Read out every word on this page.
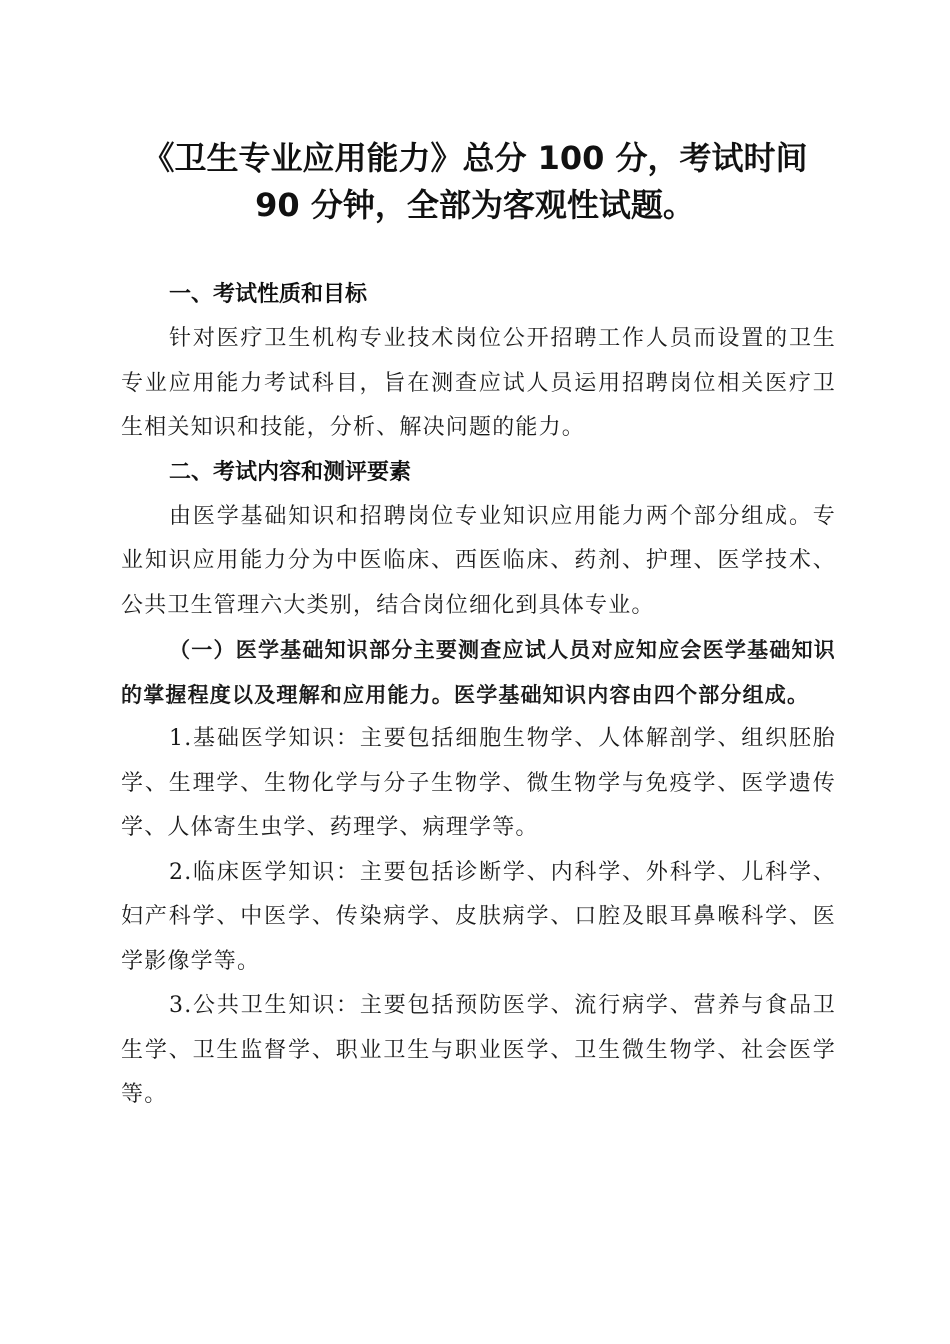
《卫生专业应用能力》总分 100 分，考试时间
90 分钟，全部为客观性试题。
一、考试性质和目标

针对医疗卫生机构专业技术岗位公开招聘工作人员而设置的卫生专业应用能力考试科目，旨在测查应试人员运用招聘岗位相关医疗卫生相关知识和技能，分析、解决问题的能力。

二、考试内容和测评要素

由医学基础知识和招聘岗位专业知识应用能力两个部分组成。专业知识应用能力分为中医临床、西医临床、药剂、护理、医学技术、公共卫生管理六大类别，结合岗位细化到具体专业。

（一）医学基础知识部分主要测查应试人员对应知应会医学基础知识的掌握程度以及理解和应用能力。医学基础知识内容由四个部分组成。

1.基础医学知识：主要包括细胞生物学、人体解剖学、组织胚胎学、生理学、生物化学与分子生物学、微生物学与免疫学、医学遗传学、人体寄生虫学、药理学、病理学等。

2.临床医学知识：主要包括诊断学、内科学、外科学、儿科学、妇产科学、中医学、传染病学、皮肤病学、口腔及眼耳鼻喉科学、医学影像学等。

3.公共卫生知识：主要包括预防医学、流行病学、营养与食品卫生学、卫生监督学、职业卫生与职业医学、卫生微生物学、社会医学等。
